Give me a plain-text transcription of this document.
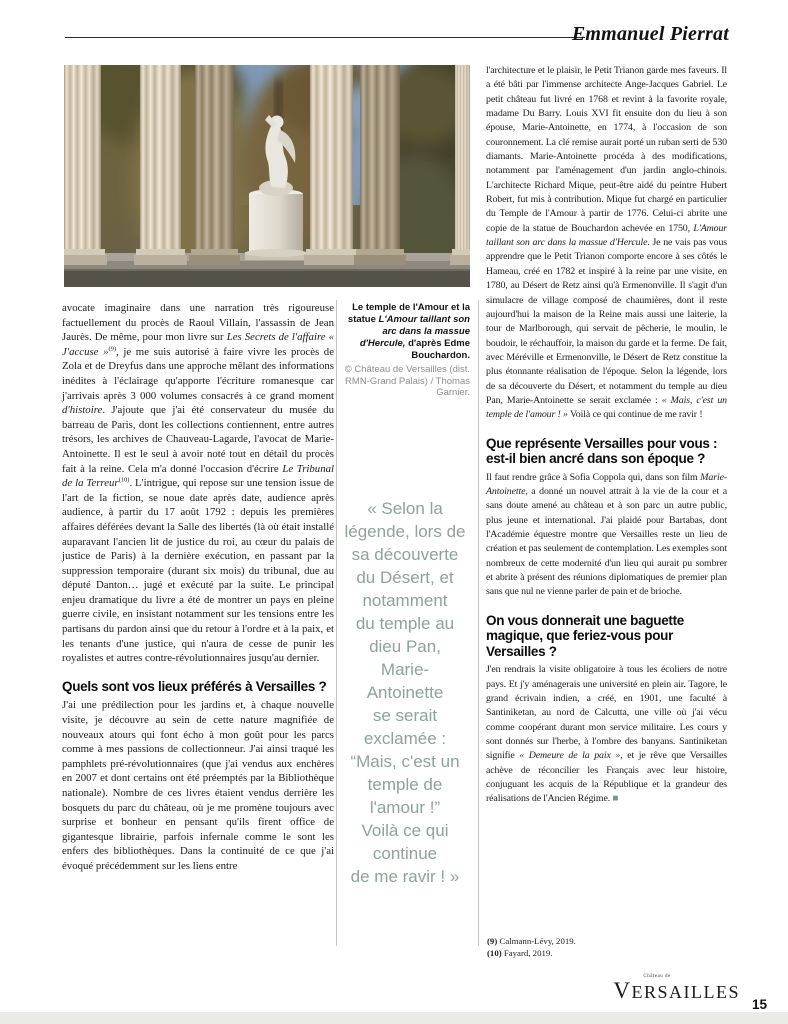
Emmanuel Pierrat

avocate imaginaire dans une narration très rigoureuse factuellement du procès de Raoul Villain, l'assassin de Jean Jaurès. De même, pour mon livre sur Les Secrets de l'affaire « J'accuse »$^{(9)}$, je me suis autorisé à faire vivre les procès de Zola et de Dreyfus dans une approche mêlant des informations inédites à l'éclairage qu'apporte l'écriture romanesque car j'arrivais après 3 000 volumes consacrés à ce grand moment d'histoire. J'ajoute que j'ai été conservateur du musée du barreau de Paris, dont les collections contiennent, entre autres trésors, les archives de Chauveau-Lagarde, l'avocat de Marie-Antoinette. Il est le seul à avoir noté tout en détail du procès fait à la reine. Cela m'a donné l'occasion d'écrire Le Tribunal de la Terreur$^{(10)}$. L'intrigue, qui repose sur une tension issue de l'art de la fiction, se noue date après date, audience après audience, à partir du 17 août 1792 : depuis les premières affaires déférées devant la Salle des libertés (là où était installé auparavant l'ancien lit de justice du roi, au cœur du palais de justice de Paris) à la dernière exécution, en passant par la suppression temporaire (durant six mois) du tribunal, due au député Danton… jugé et exécuté par la suite. Le principal enjeu dramatique du livre a été de montrer un pays en pleine guerre civile, en insistant notamment sur les tensions entre les partisans du pardon ainsi que du retour à l'ordre et à la paix, et les tenants d'une justice, qui n'aura de cesse de punir les royalistes et autres contre-révolutionnaires jusqu'au dernier.

Quels sont vos lieux préférés à Versailles ?

J'ai une prédilection pour les jardins et, à chaque nouvelle visite, je découvre au sein de cette nature magnifiée de nouveaux atours qui font écho à mon goût pour les parcs comme à mes passions de collectionneur. J'ai ainsi traqué les pamphlets pré-révolutionnaires (que j'ai vendus aux enchères en 2007 et dont certains ont été préemptés par la Bibliothèque nationale). Nombre de ces livres étaient vendus derrière les bosquets du parc du château, où je me promène toujours avec surprise et bonheur en pensant qu'ils firent office de gigantesque librairie, parfois infernale comme le sont les enfers des bibliothèques. Dans la continuité de ce que j'ai évoqué précédemment sur les liens entre

Le temple de l'Amour et la statue L'Amour taillant son arc dans la massue d'Hercule, d'après Edme Bouchardon.
© Château de Versailles (dist. RMN-Grand Palais) / Thomas Garnier.
« Selon la
légende, lors de
sa découverte
du Désert, et
notamment
du temple au
dieu Pan,
Marie-
Antoinette
se serait
exclamée :
“Mais, c'est un
temple de
l'amour !”
Voilà ce qui
continue
de me ravir ! »

l'architecture et le plaisir, le Petit Trianon garde mes faveurs. Il a été bâti par l'immense architecte Ange-Jacques Gabriel. Le petit château fut livré en 1768 et revint à la favorite royale, madame Du Barry. Louis XVI fit ensuite don du lieu à son épouse, Marie-Antoinette, en 1774, à l'occasion de son couronnement. La clé remise aurait porté un ruban serti de 530 diamants. Marie-Antoinette procéda à des modifications, notamment par l'aménagement d'un jardin anglo-chinois. L'architecte Richard Mique, peut-être aidé du peintre Hubert Robert, fut mis à contribution. Mique fut chargé en particulier du Temple de l'Amour à partir de 1776. Celui-ci abrite une copie de la statue de Bouchardon achevée en 1750, L'Amour taillant son arc dans la massue d'Hercule. Je ne vais pas vous apprendre que le Petit Trianon comporte encore à ses côtés le Hameau, créé en 1782 et inspiré à la reine par une visite, en 1780, au Désert de Retz ainsi qu'à Ermenonville. Il s'agit d'un simulacre de village composé de chaumières, dont il reste aujourd'hui la maison de la Reine mais aussi une laiterie, la tour de Marlborough, qui servait de pêcherie, le moulin, le boudoir, le réchauffoir, la maison du garde et la ferme. De fait, avec Méréville et Ermenonville, le Désert de Retz constitue la plus étonnante réalisation de l'époque. Selon la légende, lors de sa découverte du Désert, et notamment du temple au dieu Pan, Marie-Antoinette se serait exclamée : « Mais, c'est un temple de l'amour ! » Voilà ce qui continue de me ravir !

Que représente Versailles pour vous : est-il bien ancré dans son époque ?

Il faut rendre grâce à Sofia Coppola qui, dans son film Marie-Antoinette, a donné un nouvel attrait à la vie de la cour et a sans doute amené au château et à son parc un autre public, plus jeune et international. J'ai plaidé pour Bartabas, dont l'Académie équestre montre que Versailles reste un lieu de création et pas seulement de contemplation. Les exemples sont nombreux de cette modernité d'un lieu qui aurait pu sombrer et abrite à présent des réunions diplomatiques de premier plan sans que nul ne vienne parler de pain et de brioche.

On vous donnerait une baguette magique, que feriez-vous pour Versailles ?

J'en rendrais la visite obligatoire à tous les écoliers de notre pays. Et j'y aménagerais une université en plein air. Tagore, le grand écrivain indien, a créé, en 1901, une faculté à Santiniketan, au nord de Calcutta, une ville où j'ai vécu comme coopérant durant mon service militaire. Les cours y sont donnés sur l'herbe, à l'ombre des banyans. Santiniketan signifie « Demeure de la paix », et je rêve que Versailles achève de réconcilier les Français avec leur histoire, conjuguant les acquis de la République et la grandeur des réalisations de l'Ancien Régime. ■

(9) Calmann-Lévy, 2019.
(10) Fayard, 2019.
Château de
VERSAILLES
15
